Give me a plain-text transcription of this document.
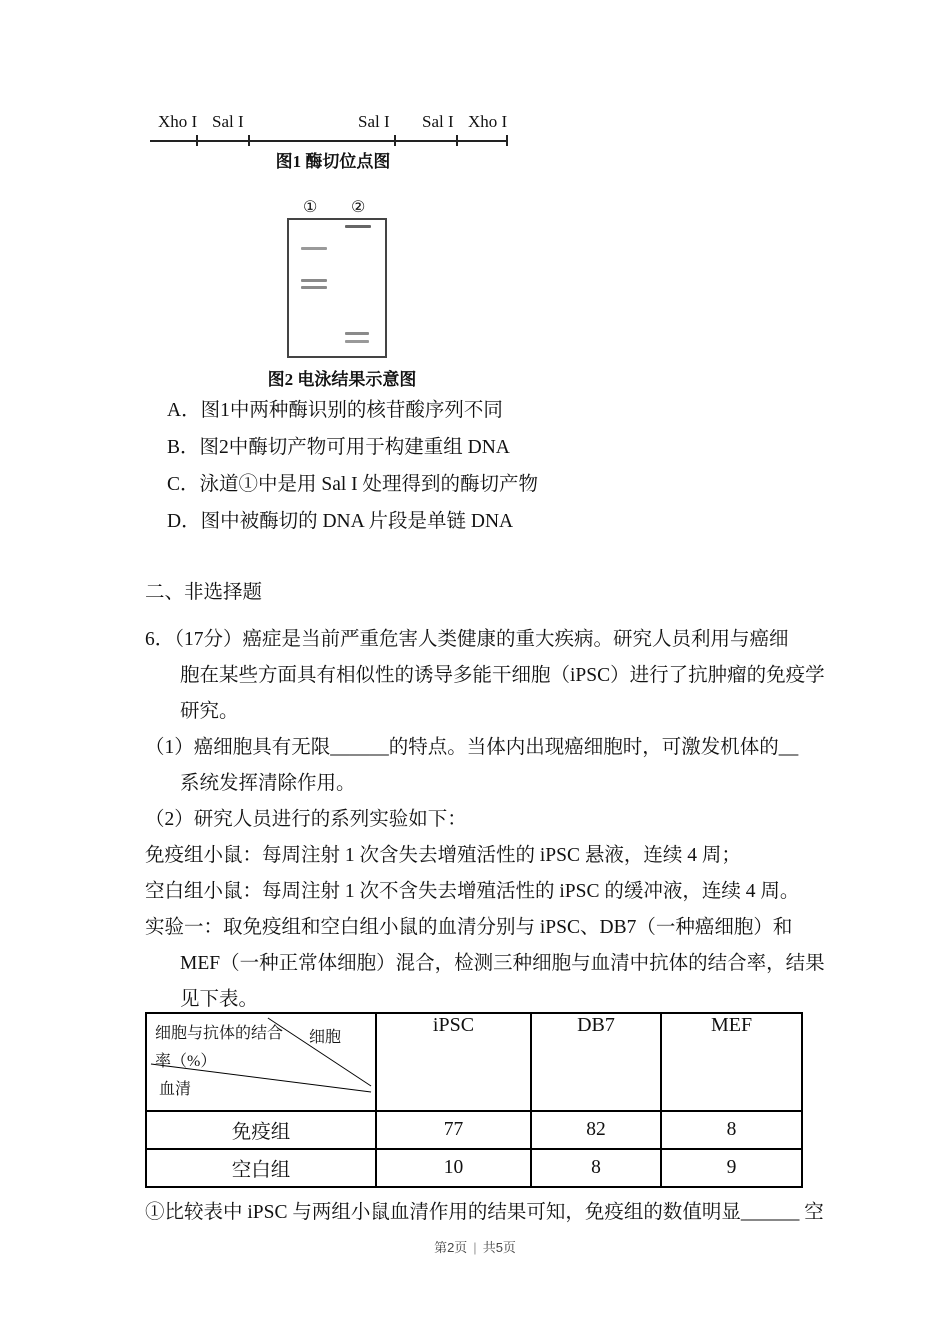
Xho I Sal I	Sal I Sal I Xho I
图1 酶切位点图
① ②
图2 电泳结果示意图
A．图1中两种酶识别的核苷酸序列不同
B．图2中酶切产物可用于构建重组 DNA
C．泳道①中是用 Sal I 处理得到的酶切产物
D．图中被酶切的 DNA 片段是单链 DNA
二、非选择题
6．（17分）癌症是当前严重危害人类健康的重大疾病。研究人员利用与癌细
胞在某些方面具有相似性的诱导多能干细胞（iPSC）进行了抗肿瘤的免疫学
研究。
（1）癌细胞具有无限______的特点。当体内出现癌细胞时，可激发机体的__
系统发挥清除作用。
（2）研究人员进行的系列实验如下：
免疫组小鼠：每周注射 1 次含失去增殖活性的 iPSC 悬液，连续 4 周；
空白组小鼠：每周注射 1 次不含失去增殖活性的 iPSC 的缓冲液，连续 4 周。
实验一：取免疫组和空白组小鼠的血清分别与 iPSC、DB7（一种癌细胞）和
MEF（一种正常体细胞）混合，检测三种细胞与血清中抗体的结合率，结果
见下表。
细胞与抗体的结合 细胞
率（%）
血清	iPSC	DB7	MEF
免疫组	77	82	8
空白组	10	8	9
①比较表中 iPSC 与两组小鼠血清作用的结果可知，免疫组的数值明显______ 空
第2页 | 共5页
